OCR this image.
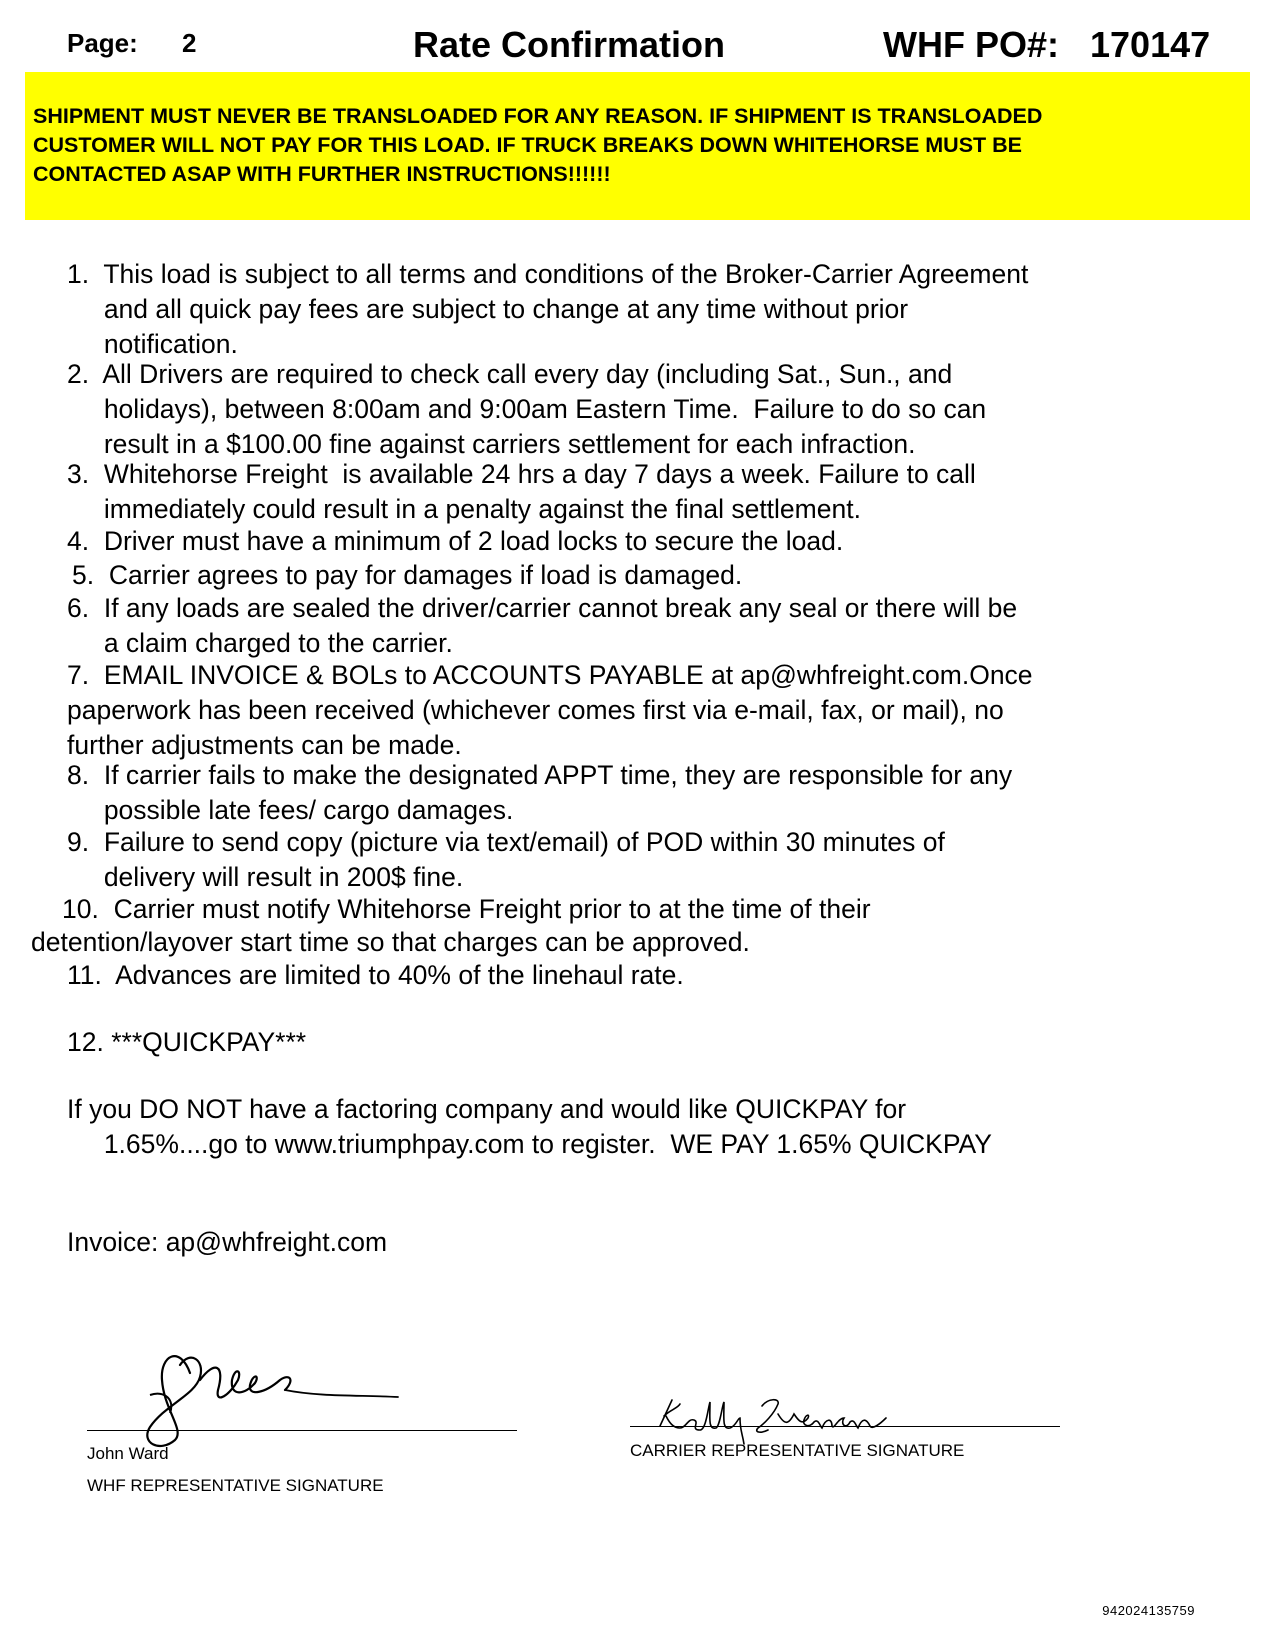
Page: 2	Rate Confirmation	WHF PO#: 170147
SHIPMENT MUST NEVER BE TRANSLOADED FOR ANY REASON. IF SHIPMENT IS TRANSLOADED
CUSTOMER WILL NOT PAY FOR THIS LOAD. IF TRUCK BREAKS DOWN WHITEHORSE MUST BE
CONTACTED ASAP WITH FURTHER INSTRUCTIONS!!!!!!
1.  This load is subject to all terms and conditions of the Broker-Carrier Agreement
and all quick pay fees are subject to change at any time without prior
notification.
2.  All Drivers are required to check call every day (including Sat., Sun., and
holidays), between 8:00am and 9:00am Eastern Time.  Failure to do so can
result in a $100.00 fine against carriers settlement for each infraction.
3.  Whitehorse Freight  is available 24 hrs a day 7 days a week. Failure to call
immediately could result in a penalty against the final settlement.
4.  Driver must have a minimum of 2 load locks to secure the load.
5.  Carrier agrees to pay for damages if load is damaged.
6.  If any loads are sealed the driver/carrier cannot break any seal or there will be
a claim charged to the carrier.
7.  EMAIL INVOICE & BOLs to ACCOUNTS PAYABLE at ap@whfreight.com.Once
paperwork has been received (whichever comes first via e-mail, fax, or mail), no
further adjustments can be made.
8.  If carrier fails to make the designated APPT time, they are responsible for any
possible late fees/ cargo damages.
9.  Failure to send copy (picture via text/email) of POD within 30 minutes of
delivery will result in 200$ fine.
10.  Carrier must notify Whitehorse Freight prior to at the time of their
detention/layover start time so that charges can be approved.
11.  Advances are limited to 40% of the linehaul rate.
12. ***QUICKPAY***
If you DO NOT have a factoring company and would like QUICKPAY for
1.65%....go to www.triumphpay.com to register.  WE PAY 1.65% QUICKPAY
Invoice: ap@whfreight.com
John Ward
WHF REPRESENTATIVE SIGNATURE
CARRIER REPRESENTATIVE SIGNATURE
942024135759
